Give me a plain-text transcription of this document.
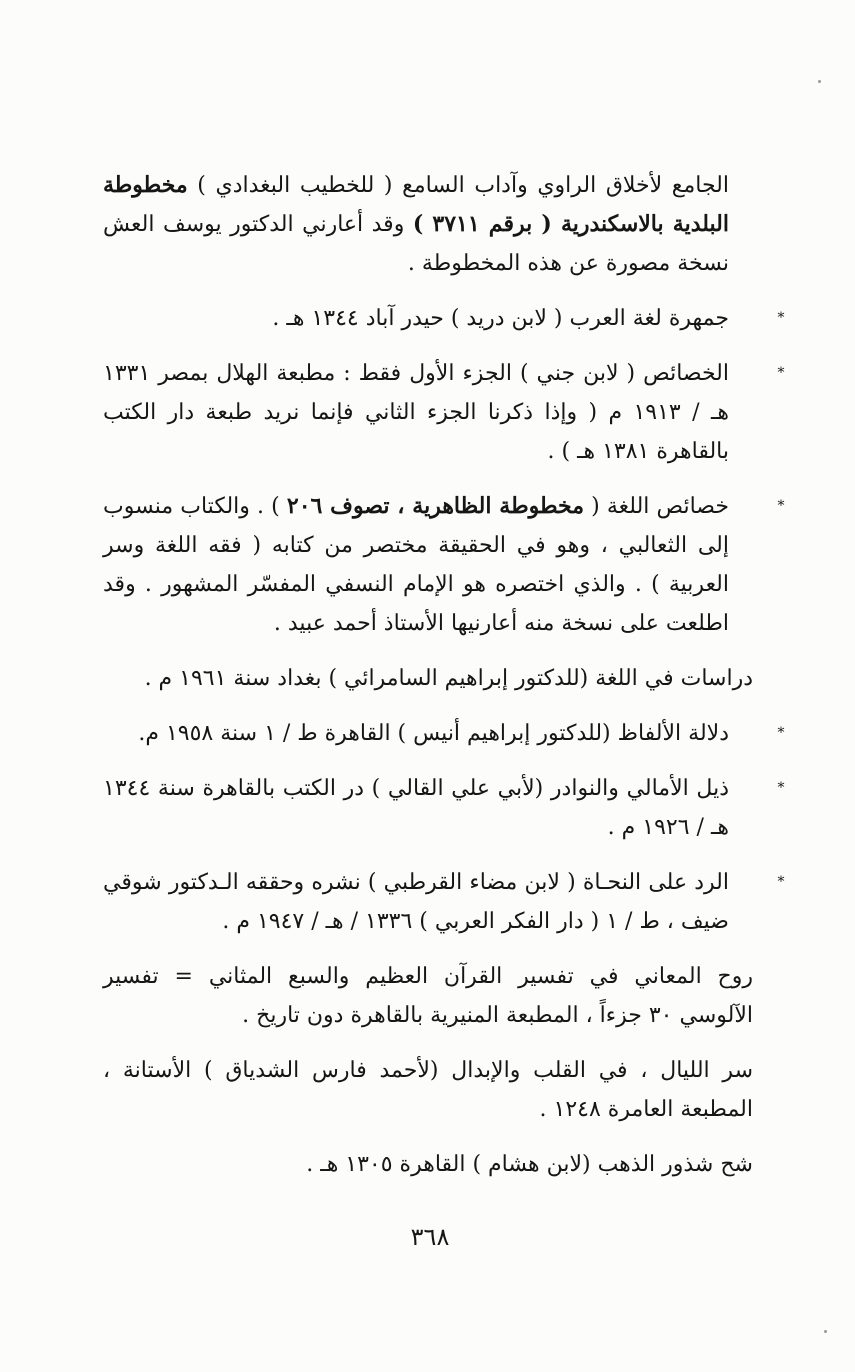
الجامع لأخلاق الراوي وآداب السامع ( للخطيب البغدادي ) مخطوطة البلدية بالاسكندرية ( برقم ٣٧١١ ) وقد أعارني الدكتور يوسف العش نسخة مصورة عن هذه المخطوطة .
*
جمهرة لغة العرب ( لابن دريد ) حيدر آباد ١٣٤٤ هـ .
*
الخصائص ( لابن جني ) الجزء الأول فقط : مطبعة الهلال بمصر ١٣٣١ هـ / ١٩١٣ م ( وإذا ذكرنا الجزء الثاني فإنما نريد طبعة دار الكتب بالقاهرة ١٣٨١ هـ ) .
*
خصائص اللغة ( مخطوطة الظاهرية ، تصوف ٢٠٦ ) . والكتاب منسوب إلى الثعالبي ، وهو في الحقيقة مختصر من كتابه ( فقه اللغة وسر العربية ) . والذي اختصره هو الإمام النسفي المفسّر المشهور . وقد اطلعت على نسخة منه أعارنيها الأستاذ أحمد عبيد .
دراسات في اللغة (للدكتور إبراهيم السامرائي ) بغداد سنة ١٩٦١ م .
*
دلالة الألفاظ (للدكتور إبراهيم أنيس ) القاهرة ط / ١ سنة ١٩٥٨ م.
*
ذيل الأمالي والنوادر (لأبي علي القالي ) در الكتب بالقاهرة سنة ١٣٤٤ هـ / ١٩٢٦ م .
*
الرد على النحـاة ( لابن مضاء القرطبي ) نشره وحققه الـدكتور شوقي ضيف ، ط / ١ ( دار الفكر العربي ) ١٣٣٦ / هـ / ١٩٤٧ م .
روح المعاني في تفسير القرآن العظيم والسبع المثاني = تفسير الآلوسي ٣٠ جزءاً ، المطبعة المنيرية بالقاهرة دون تاريخ .
سر الليال ، في القلب والإبدال (لأحمد فارس الشدياق ) الأستانة ، المطبعة العامرة ١٢٤٨ .
شح شذور الذهب (لابن هشام ) القاهرة ١٣٠٥ هـ .
٣٦٨
